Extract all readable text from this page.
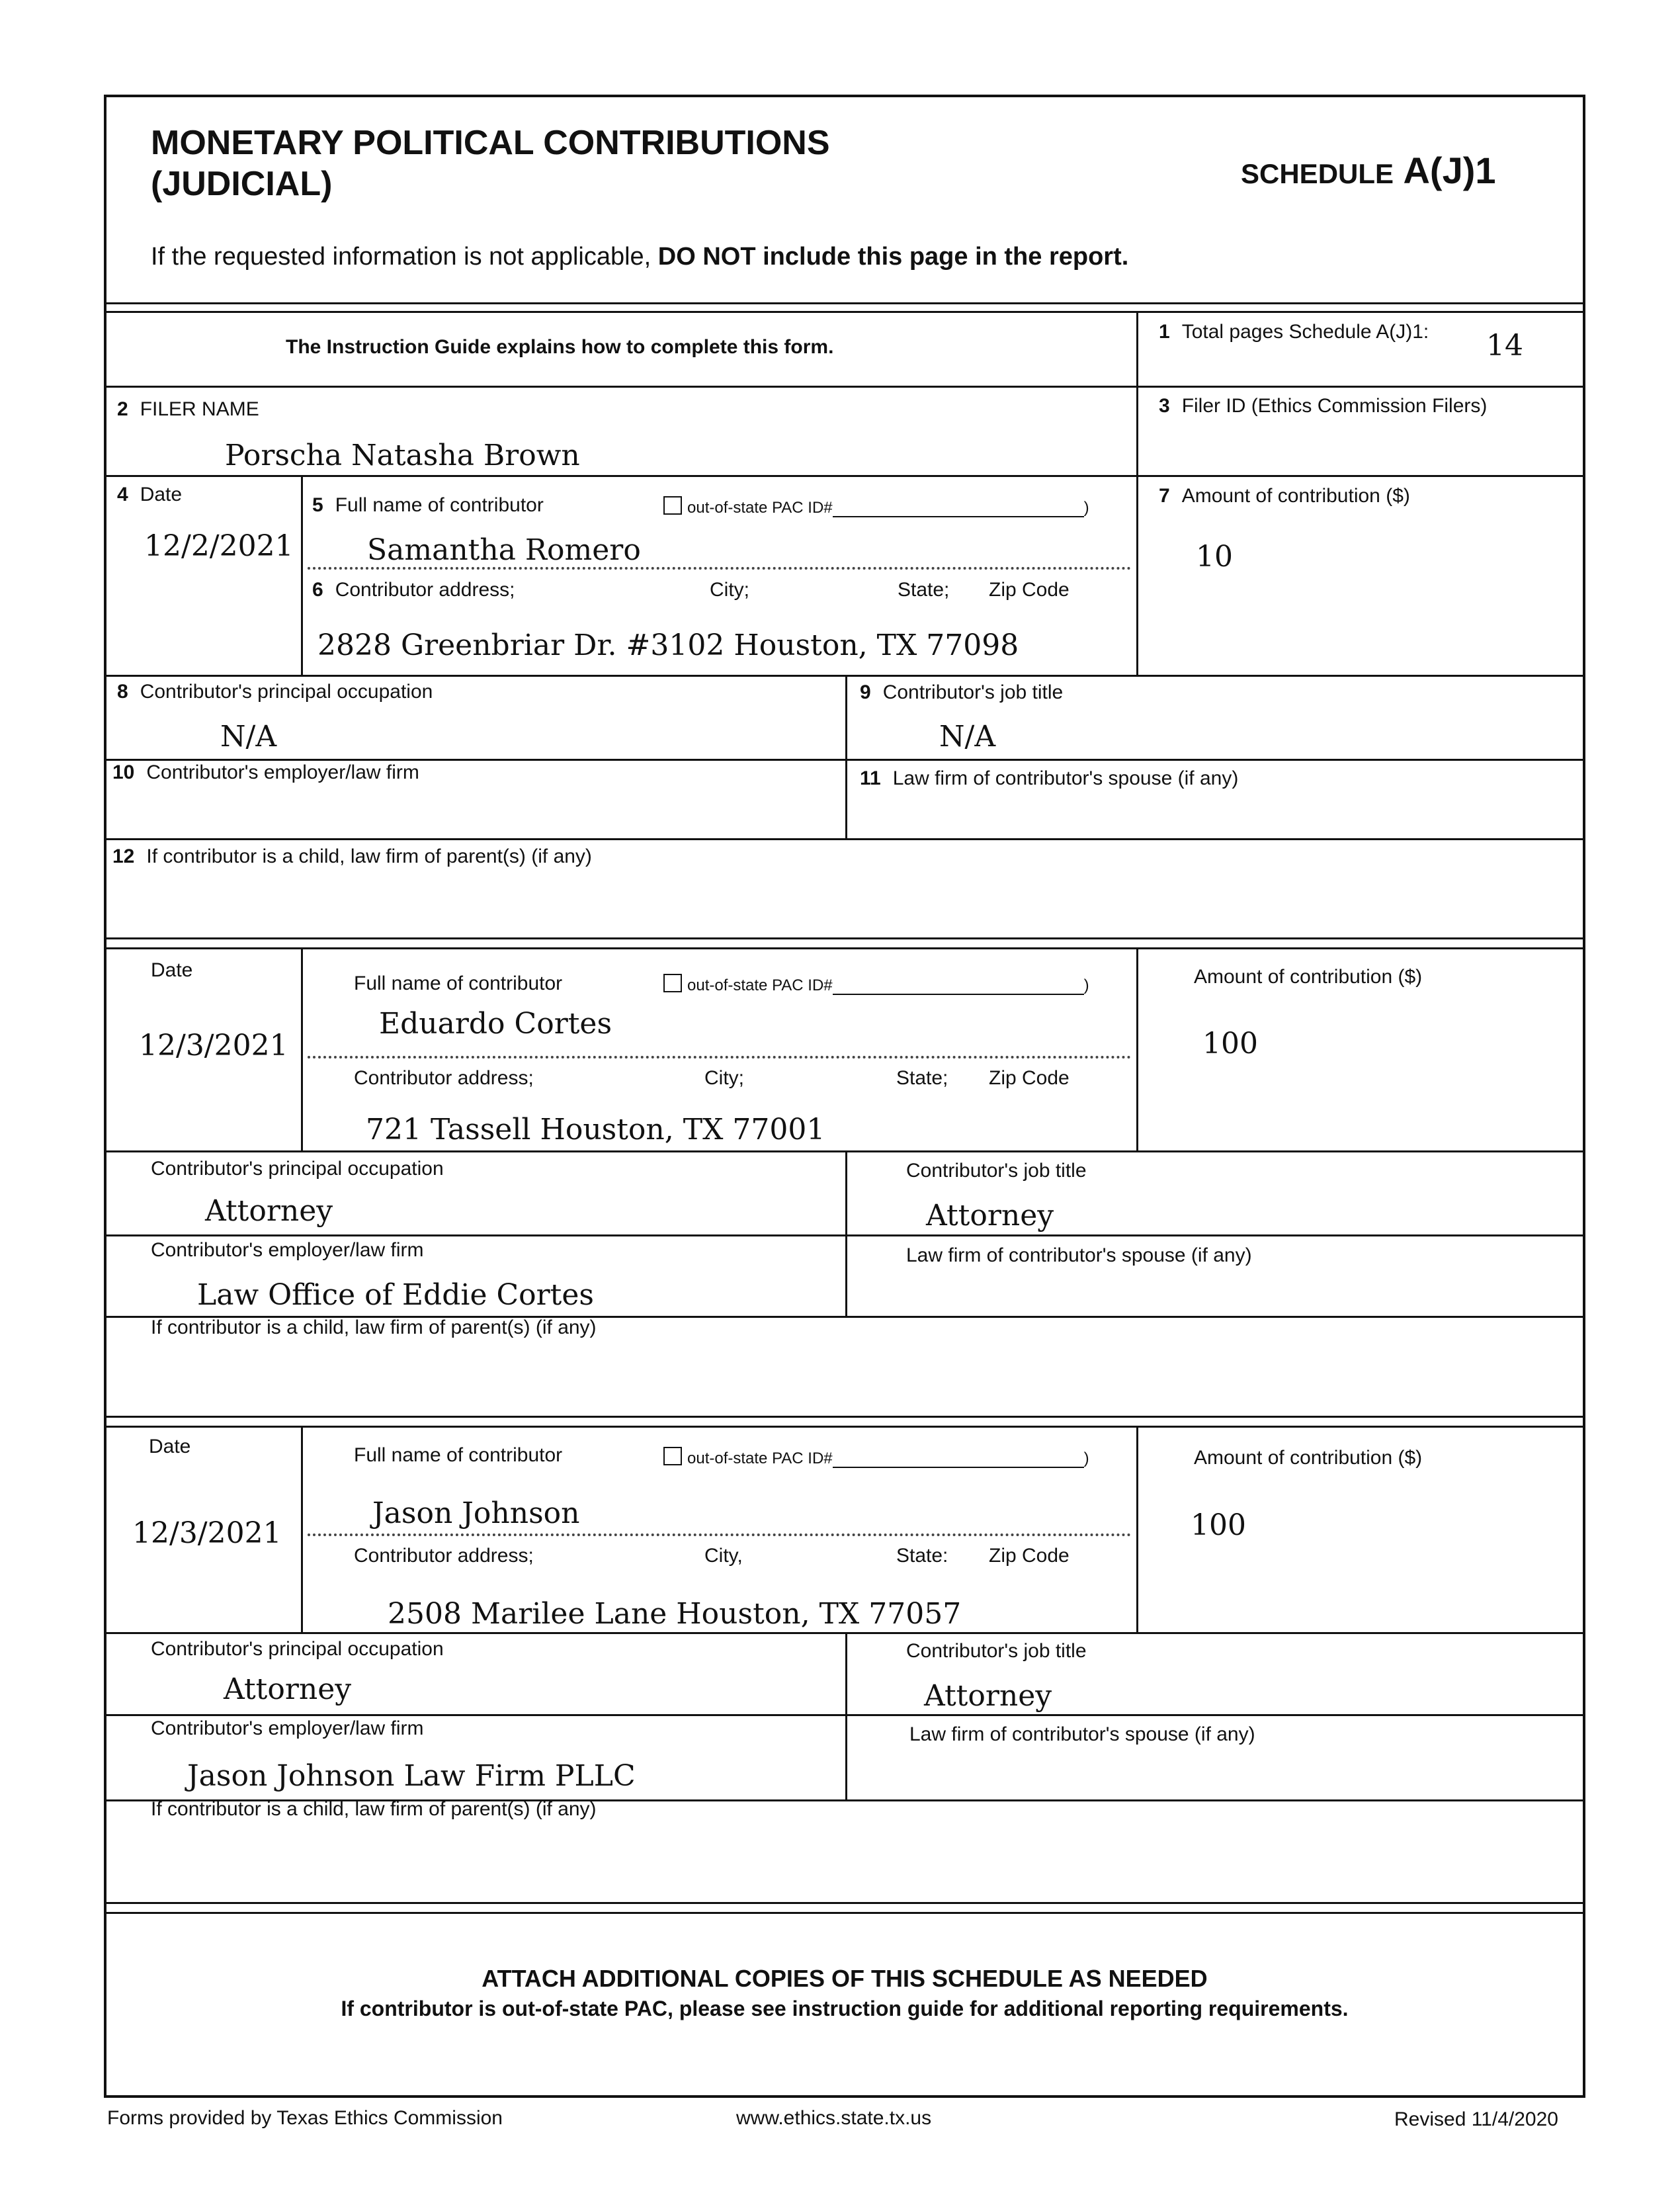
MONETARY POLITICAL CONTRIBUTIONS
(JUDICIAL)	SCHEDULE A(J)1
If the requested information is not applicable, DO NOT include this page in the report.
The Instruction Guide explains how to complete this form.
1 Total pages Schedule A(J)1: 14
2 FILER NAME
Porscha Natasha Brown
3 Filer ID (Ethics Commission Filers)
4 Date
12/2/2021
5 Full name of contributor	out-of-state PAC ID#	)
Samantha Romero
6 Contributor address;	City;	State; Zip Code
2828 Greenbriar Dr. #3102 Houston, TX 77098
7 Amount of contribution ($)
10
8 Contributor's principal occupation
N/A
9 Contributor's job title
N/A
10 Contributor's employer/law firm	11 Law firm of contributor's spouse (if any)
12 If contributor is a child, law firm of parent(s) (if any)
Date
12/3/2021
Full name of contributor	out-of-state PAC ID#	)
Eduardo Cortes
Contributor address;	City;	State; Zip Code
721 Tassell Houston, TX 77001
Amount of contribution ($)
100
Contributor's principal occupation
Attorney
Contributor's job title
Attorney
Contributor's employer/law firm
Law Office of Eddie Cortes
Law firm of contributor's spouse (if any)
If contributor is a child, law firm of parent(s) (if any)
Date
12/3/2021
Full name of contributor	out-of-state PAC ID#	)
Jason Johnson
Contributor address;	City,	State: Zip Code
2508 Marilee Lane Houston, TX 77057
Amount of contribution ($)
100
Contributor's principal occupation
Attorney
Contributor's job title
Attorney
Contributor's employer/law firm
Jason Johnson Law Firm PLLC
Law firm of contributor's spouse (if any)
If contributor is a child, law firm of parent(s) (if any)
ATTACH ADDITIONAL COPIES OF THIS SCHEDULE AS NEEDED
If contributor is out-of-state PAC, please see instruction guide for additional reporting requirements.
Forms provided by Texas Ethics Commission	www.ethics.state.tx.us	Revised 11/4/2020
